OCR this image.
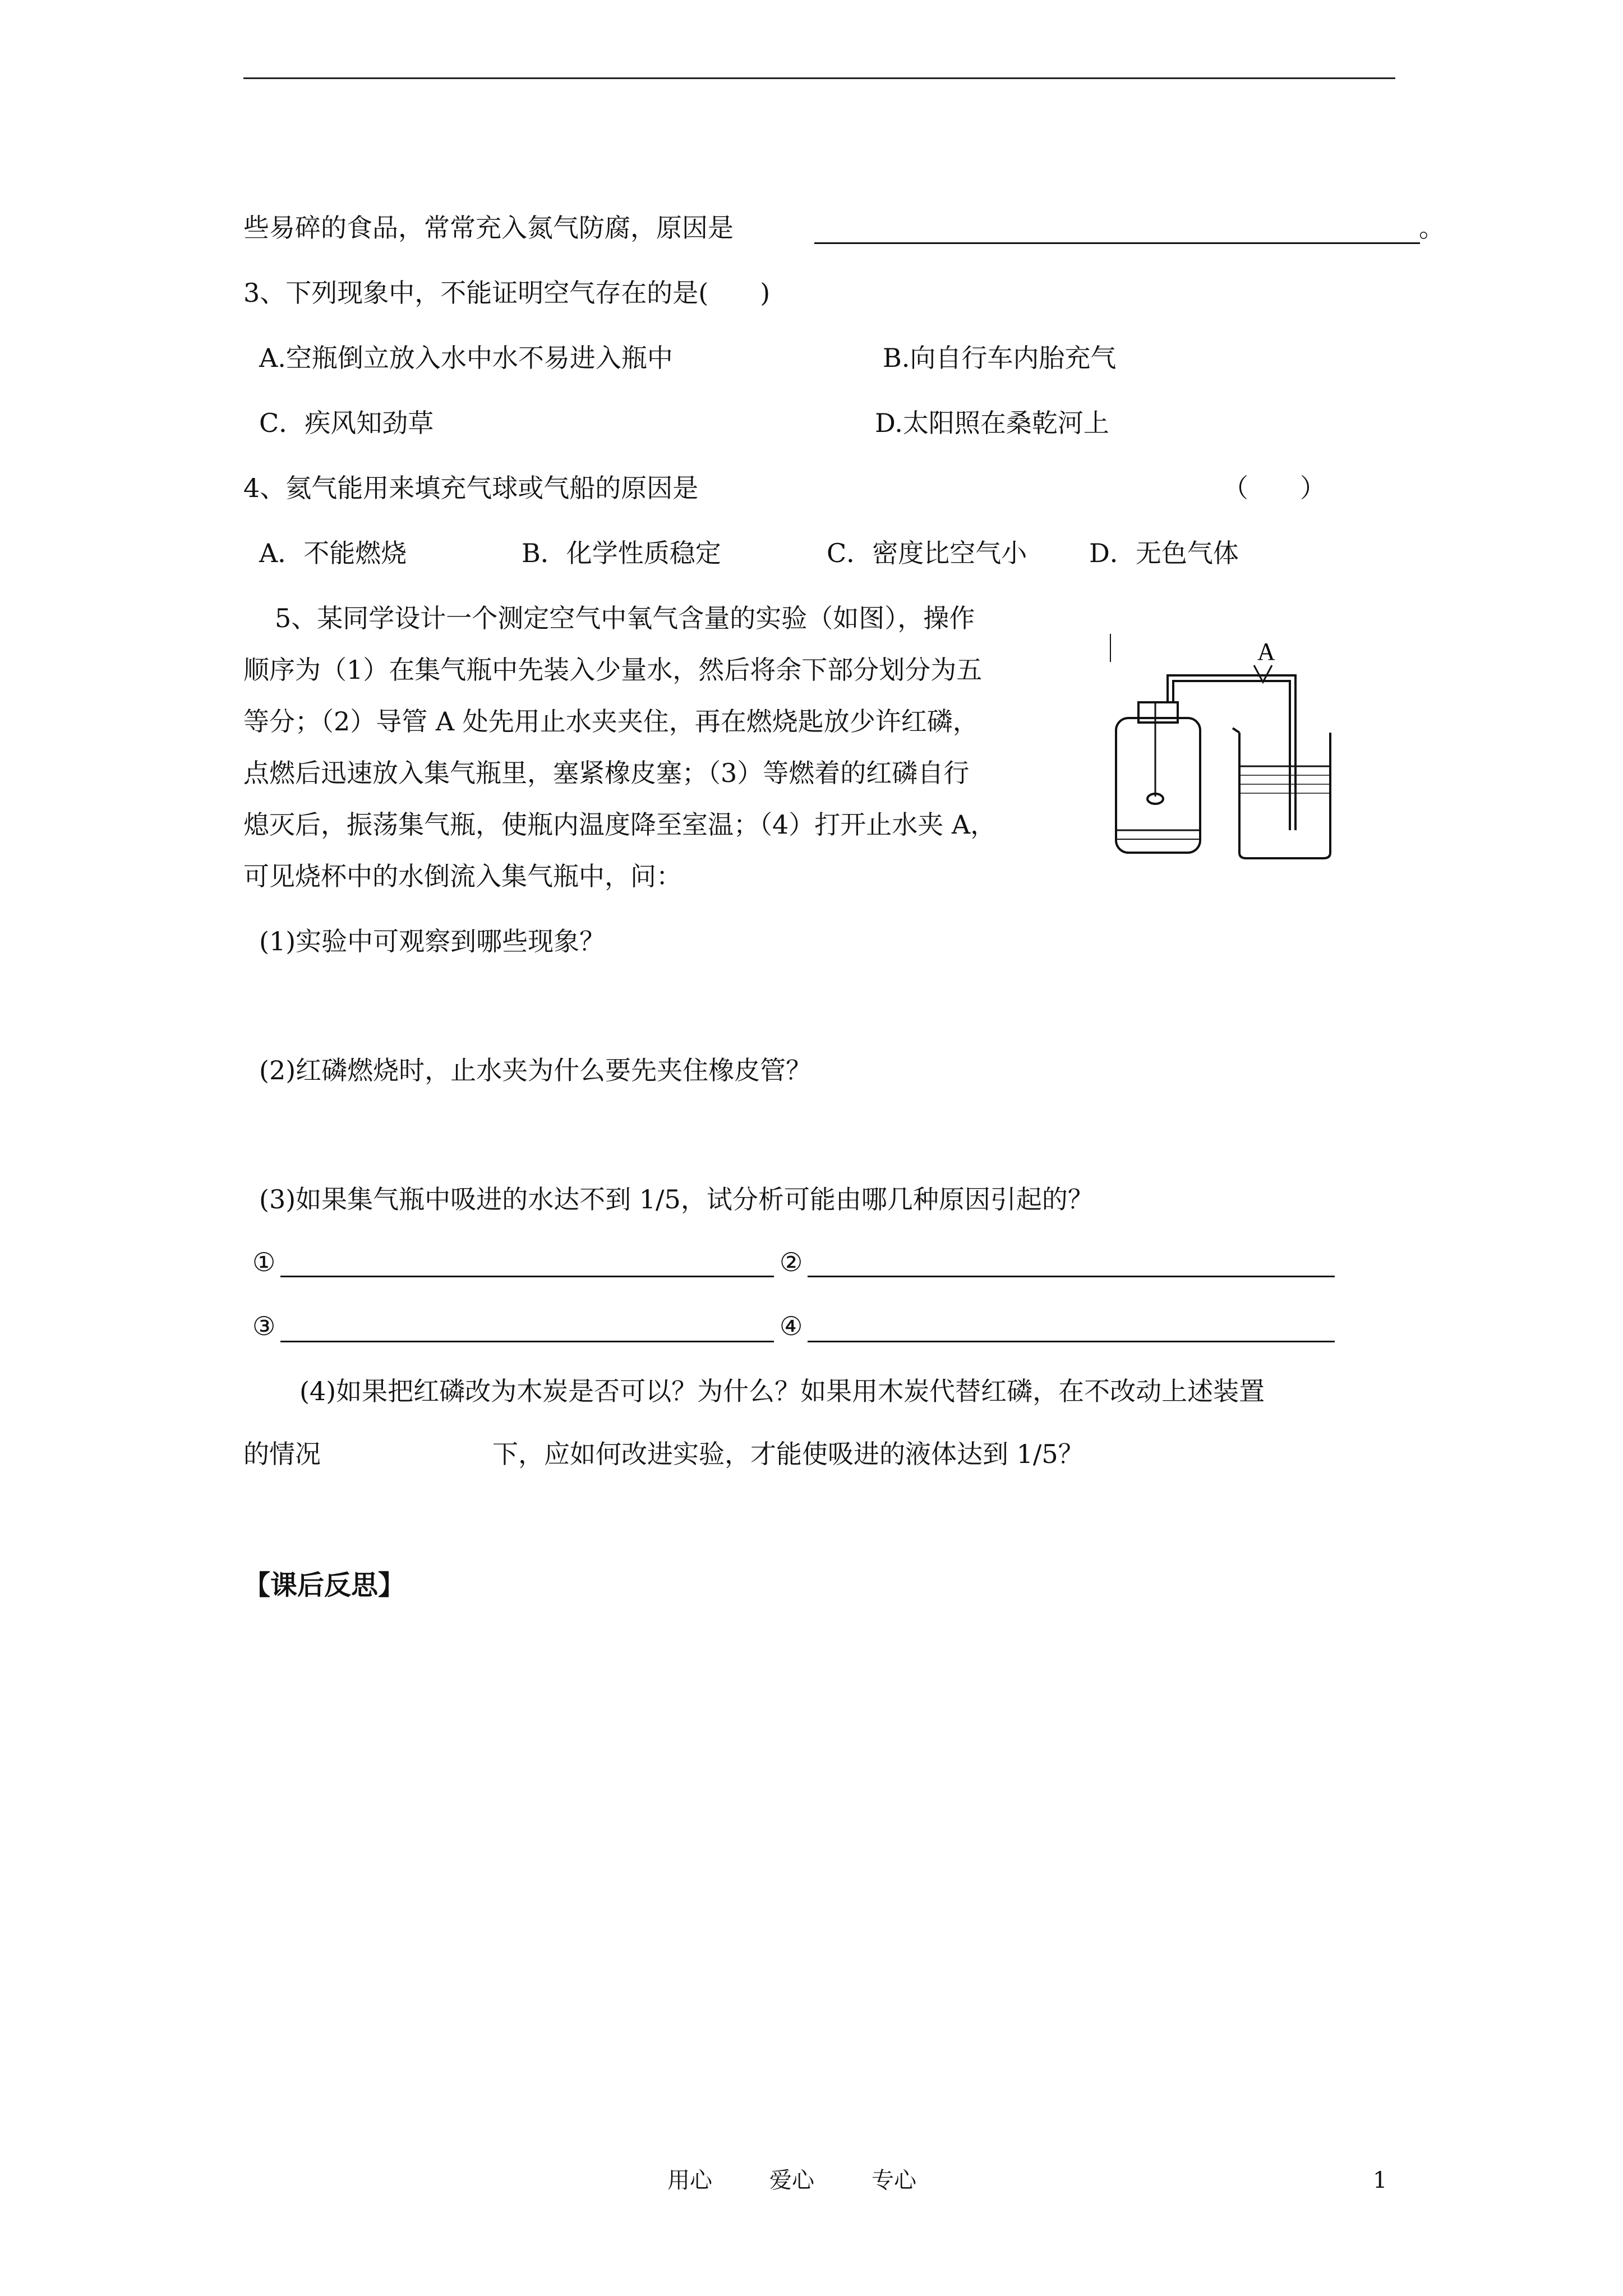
些易碎的食品，常常充入氮气防腐，原因是	。
3、下列现象中，不能证明空气存在的是(　　)
A.空瓶倒立放入水中水不易进入瓶中	B.向自行车内胎充气
C．疾风知劲草	D.太阳照在桑乾河上
4、氦气能用来填充气球或气船的原因是	（　　）
A．不能燃烧	B．化学性质稳定	C．密度比空气小 D．无色气体
5、某同学设计一个测定空气中氧气含量的实验（如图），操作
顺序为（1）在集气瓶中先装入少量水，然后将余下部分划分为五
等分；（2）导管 A 处先用止水夹夹住，再在燃烧匙放少许红磷，
点燃后迅速放入集气瓶里，塞紧橡皮塞；（3）等燃着的红磷自行
熄灭后，振荡集气瓶，使瓶内温度降至室温；（4）打开止水夹 A，
可见烧杯中的水倒流入集气瓶中，问：
A
(1)实验中可观察到哪些现象？
(2)红磷燃烧时，止水夹为什么要先夹住橡皮管？
(3)如果集气瓶中吸进的水达不到 1/5，试分析可能由哪几种原因引起的？
①	②
③	④
(4)如果把红磷改为木炭是否可以？为什么？如果用木炭代替红磷，在不改动上述装置
的情况	下，应如何改进实验，才能使吸进的液体达到 1/5？
【课后反思】
用心	爱心	专心	1
